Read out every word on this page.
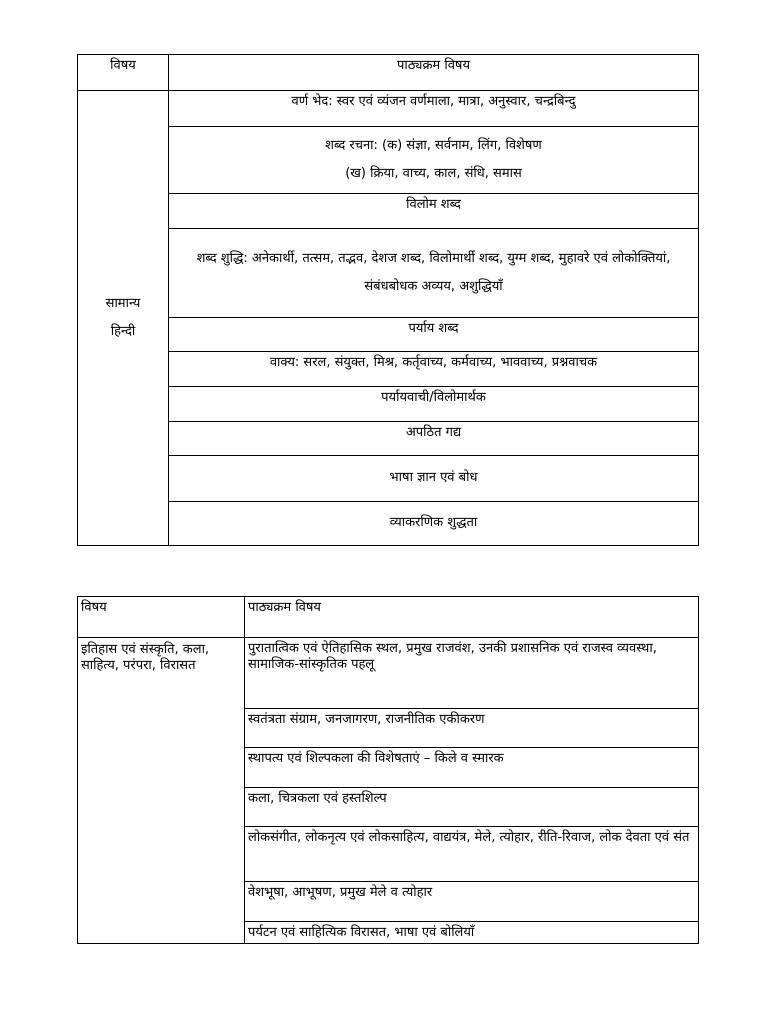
विषय	पाठ्यक्रम विषय

सामान्य
हिन्दी	वर्ण भेद: स्वर एवं व्यंजन वर्णमाला, मात्रा, अनुस्वार, चन्द्रबिन्दु
	शब्द रचना: (क) संज्ञा, सर्वनाम, लिंग, विशेषण
(ख) क्रिया, वाच्य, काल, संधि, समास
	विलोम शब्द
	शब्द शुद्धि: अनेकार्थी, तत्सम, तद्भव, देशज शब्द, विलोमार्थी शब्द, युग्म शब्द, मुहावरे एवं लोकोक्तियां, संबंधबोधक अव्यय, अशुद्धियाँ
	पर्याय शब्द
	वाक्य: सरल, संयुक्त, मिश्र, कर्तृवाच्य, कर्मवाच्य, भाववाच्य, प्रश्नवाचक
	पर्यायवाची/विलोमार्थक
	अपठित गद्य
	भाषा ज्ञान एवं बोध
	व्याकरणिक शुद्धता
विषय	पाठ्यक्रम विषय
इतिहास एवं संस्कृति, कला, साहित्य, परंपरा, विरासत	पुरातात्विक एवं ऐतिहासिक स्थल, प्रमुख राजवंश, उनकी प्रशासनिक एवं राजस्व व्यवस्था, सामाजिक-सांस्कृतिक पहलू
	स्वतंत्रता संग्राम, जनजागरण, राजनीतिक एकीकरण
	स्थापत्य एवं शिल्पकला की विशेषताएं – किले व स्मारक
	कला, चित्रकला एवं हस्तशिल्प
	लोकसंगीत, लोकनृत्य एवं लोकसाहित्य, वाद्ययंत्र, मेले, त्योहार, रीति-रिवाज, लोक देवता एवं संत
	वेशभूषा, आभूषण, प्रमुख मेले व त्योहार
	पर्यटन एवं साहित्यिक विरासत, भाषा एवं बोलियाँ
